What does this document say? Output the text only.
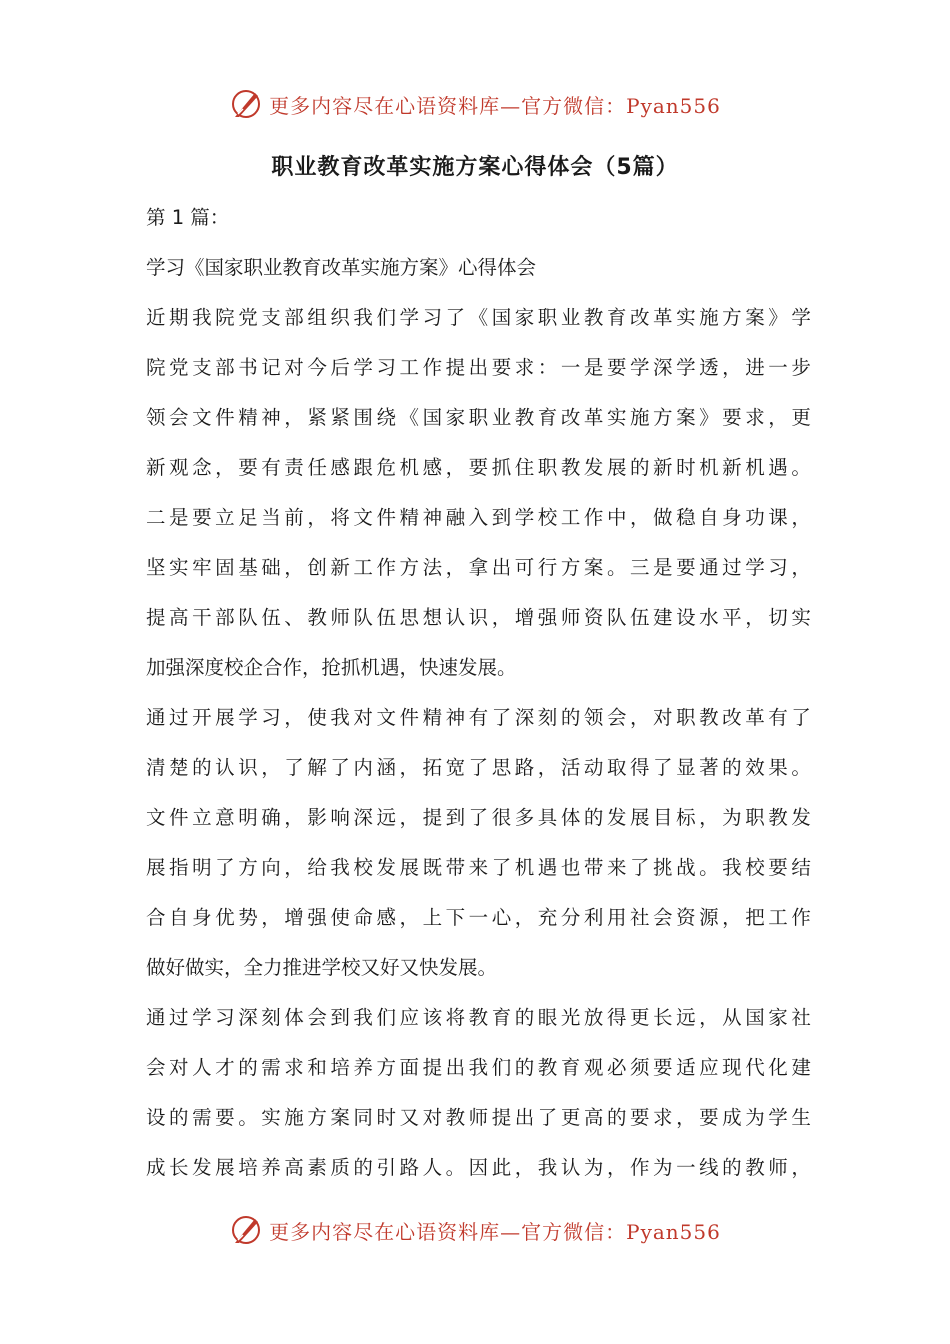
更多内容尽在心语资料库—官方微信：Pyan556
职业教育改革实施方案心得体会（5篇）
第 1 篇：
学习《国家职业教育改革实施方案》心得体会
近 期 我 院 党 支 部 组 织 我 们 学 习 了 《 国 家 职 业 教 育 改 革 实 施 方 案 》 学
院 党 支 部 书 记 对 今 后 学 习 工 作 提 出 要 求 ： 一 是 要 学 深 学 透 ， 进 一 步
领 会 文 件 精 神 ， 紧 紧 围 绕 《 国 家 职 业 教 育 改 革 实 施 方 案 》 要 求 ， 更
新 观 念 ， 要 有 责 任 感 跟 危 机 感 ， 要 抓 住 职 教 发 展 的 新 时 机 新 机 遇 。
二 是 要 立 足 当 前 ， 将 文 件 精 神 融 入 到 学 校 工 作 中 ， 做 稳 自 身 功 课 ，
坚 实 牢 固 基 础 ， 创 新 工 作 方 法 ， 拿 出 可 行 方 案 。 三 是 要 通 过 学 习 ，
提 高 干 部 队 伍 、 教 师 队 伍 思 想 认 识 ， 增 强 师 资 队 伍 建 设 水 平 ， 切 实
加强深度校企合作，抢抓机遇，快速发展。
通 过 开 展 学 习 ， 使 我 对 文 件 精 神 有 了 深 刻 的 领 会 ， 对 职 教 改 革 有 了
清 楚 的 认 识 ， 了 解 了 内 涵 ， 拓 宽 了 思 路 ， 活 动 取 得 了 显 著 的 效 果 。
文 件 立 意 明 确 ， 影 响 深 远 ， 提 到 了 很 多 具 体 的 发 展 目 标 ， 为 职 教 发
展 指 明 了 方 向 ， 给 我 校 发 展 既 带 来 了 机 遇 也 带 来 了 挑 战 。 我 校 要 结
合 自 身 优 势 ， 增 强 使 命 感 ， 上 下 一 心 ， 充 分 利 用 社 会 资 源 ， 把 工 作
做好做实，全力推进学校又好又快发展。
通 过 学 习 深 刻 体 会 到 我 们 应 该 将 教 育 的 眼 光 放 得 更 长 远 ， 从 国 家 社
会 对 人 才 的 需 求 和 培 养 方 面 提 出 我 们 的 教 育 观 必 须 要 适 应 现 代 化 建
设 的 需 要 。 实 施 方 案 同 时 又 对 教 师 提 出 了 更 高 的 要 求 ， 要 成 为 学 生
成 长 发 展 培 养 高 素 质 的 引 路 人 。 因 此 ， 我 认 为 ， 作 为 一 线 的 教 师 ，
更多内容尽在心语资料库—官方微信：Pyan556
